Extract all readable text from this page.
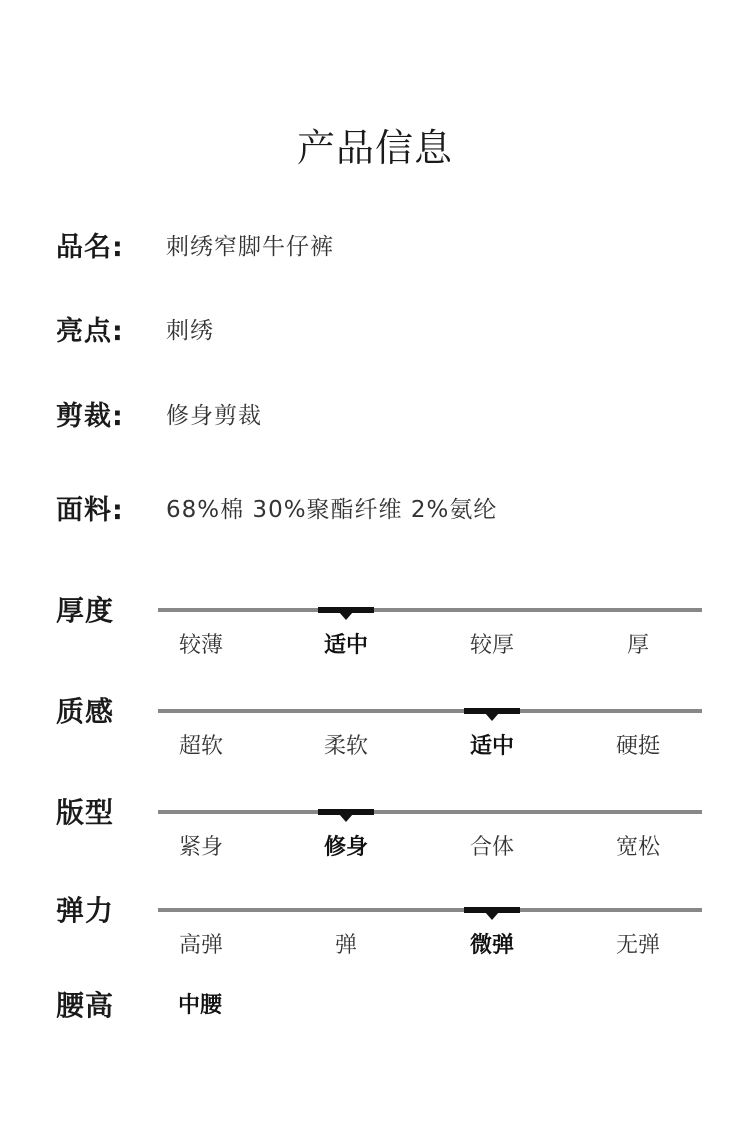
产品信息
品名:	刺绣窄脚牛仔裤
亮点:	刺绣
剪裁:	修身剪裁
面料:	68%棉 30%聚酯纤维 2%氨纶
厚度
较薄	适中	较厚	厚
质感
超软	柔软	适中	硬挺
版型
紧身	修身	合体	宽松
弹力
高弹	弹	微弹	无弹
腰高	中腰
